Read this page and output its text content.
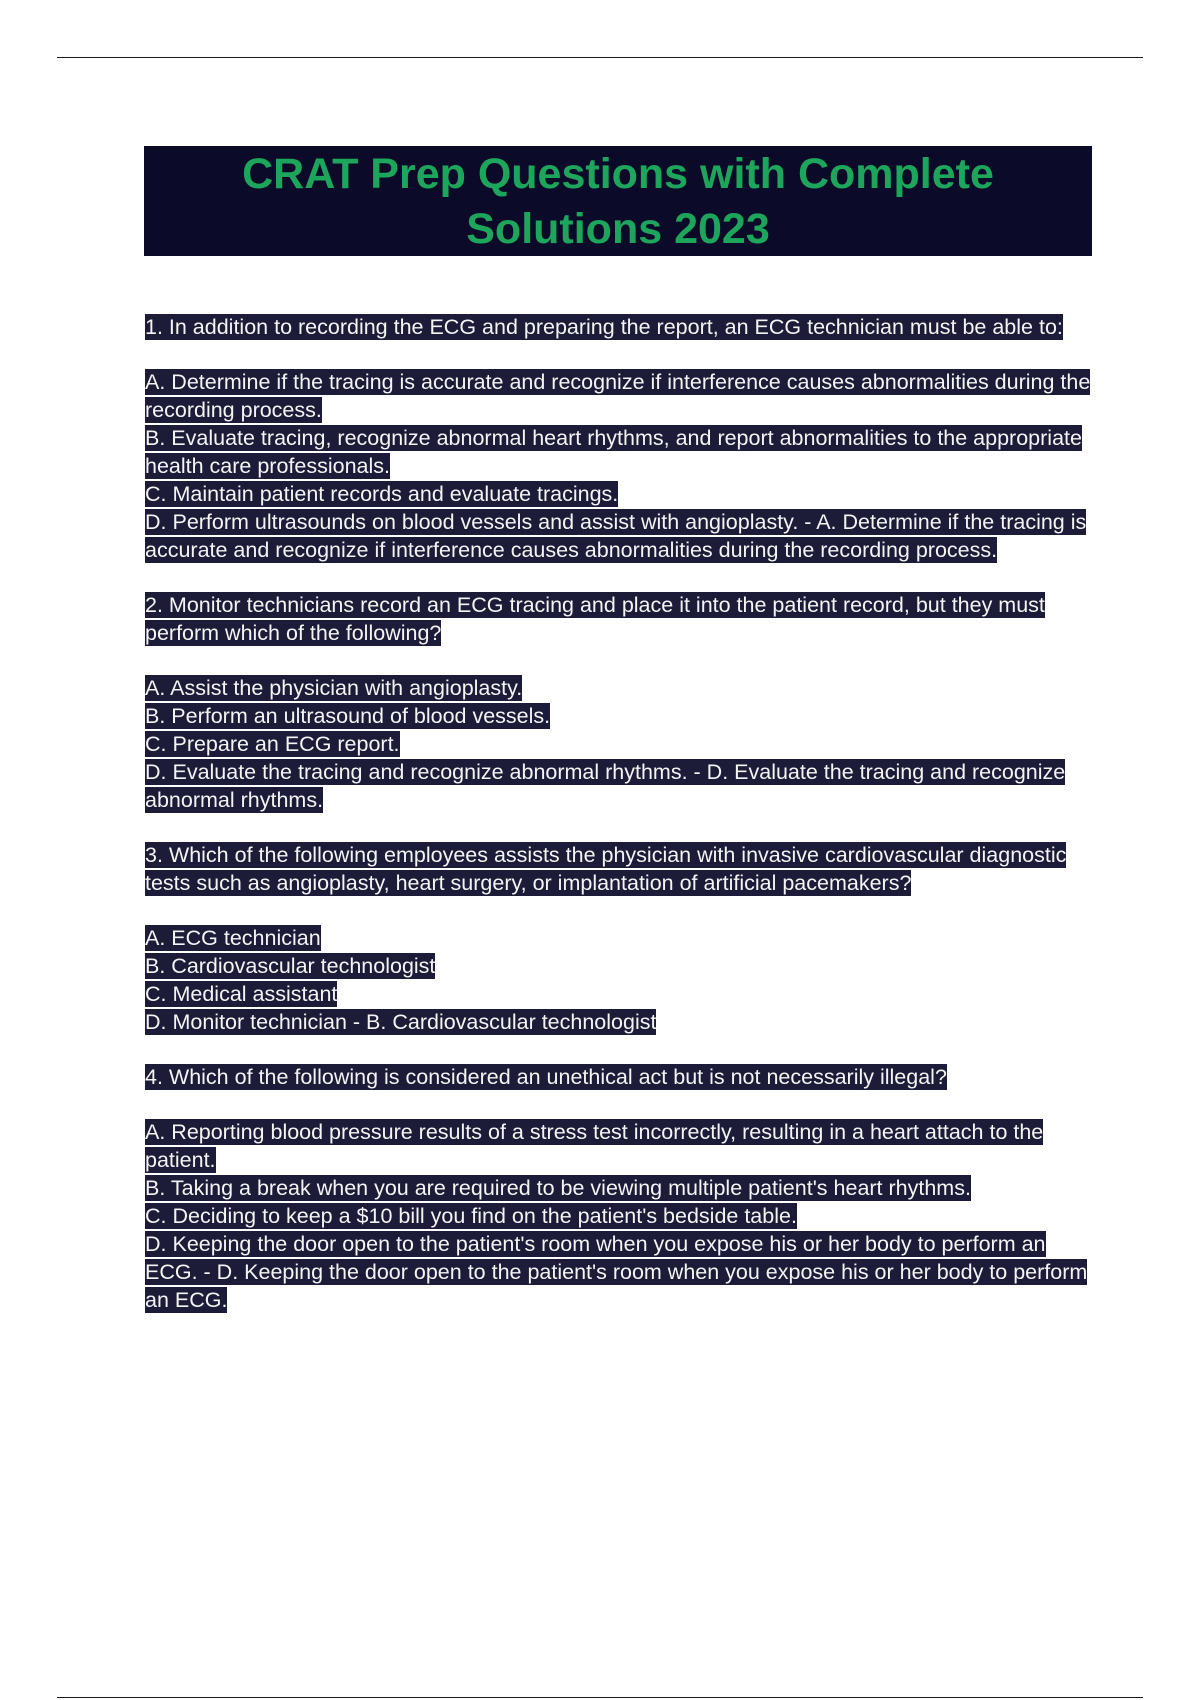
CRAT Prep Questions with Complete
Solutions 2023
1. In addition to recording the ECG and preparing the report, an ECG technician must be able to:
A. Determine if the tracing is accurate and recognize if interference causes abnormalities during the recording process.
B. Evaluate tracing, recognize abnormal heart rhythms, and report abnormalities to the appropriate health care professionals.
C. Maintain patient records and evaluate tracings.
D. Perform ultrasounds on blood vessels and assist with angioplasty. - A. Determine if the tracing is accurate and recognize if interference causes abnormalities during the recording process.
2. Monitor technicians record an ECG tracing and place it into the patient record, but they must perform which of the following?
A. Assist the physician with angioplasty.
B. Perform an ultrasound of blood vessels.
C. Prepare an ECG report.
D. Evaluate the tracing and recognize abnormal rhythms. - D. Evaluate the tracing and recognize abnormal rhythms.
3. Which of the following employees assists the physician with invasive cardiovascular diagnostic tests such as angioplasty, heart surgery, or implantation of artificial pacemakers?
A. ECG technician
B. Cardiovascular technologist
C. Medical assistant
D. Monitor technician - B. Cardiovascular technologist
4. Which of the following is considered an unethical act but is not necessarily illegal?
A. Reporting blood pressure results of a stress test incorrectly, resulting in a heart attach to the patient.
B. Taking a break when you are required to be viewing multiple patient's heart rhythms.
C. Deciding to keep a $10 bill you find on the patient's bedside table.
D. Keeping the door open to the patient's room when you expose his or her body to perform an ECG. - D. Keeping the door open to the patient's room when you expose his or her body to perform an ECG.
